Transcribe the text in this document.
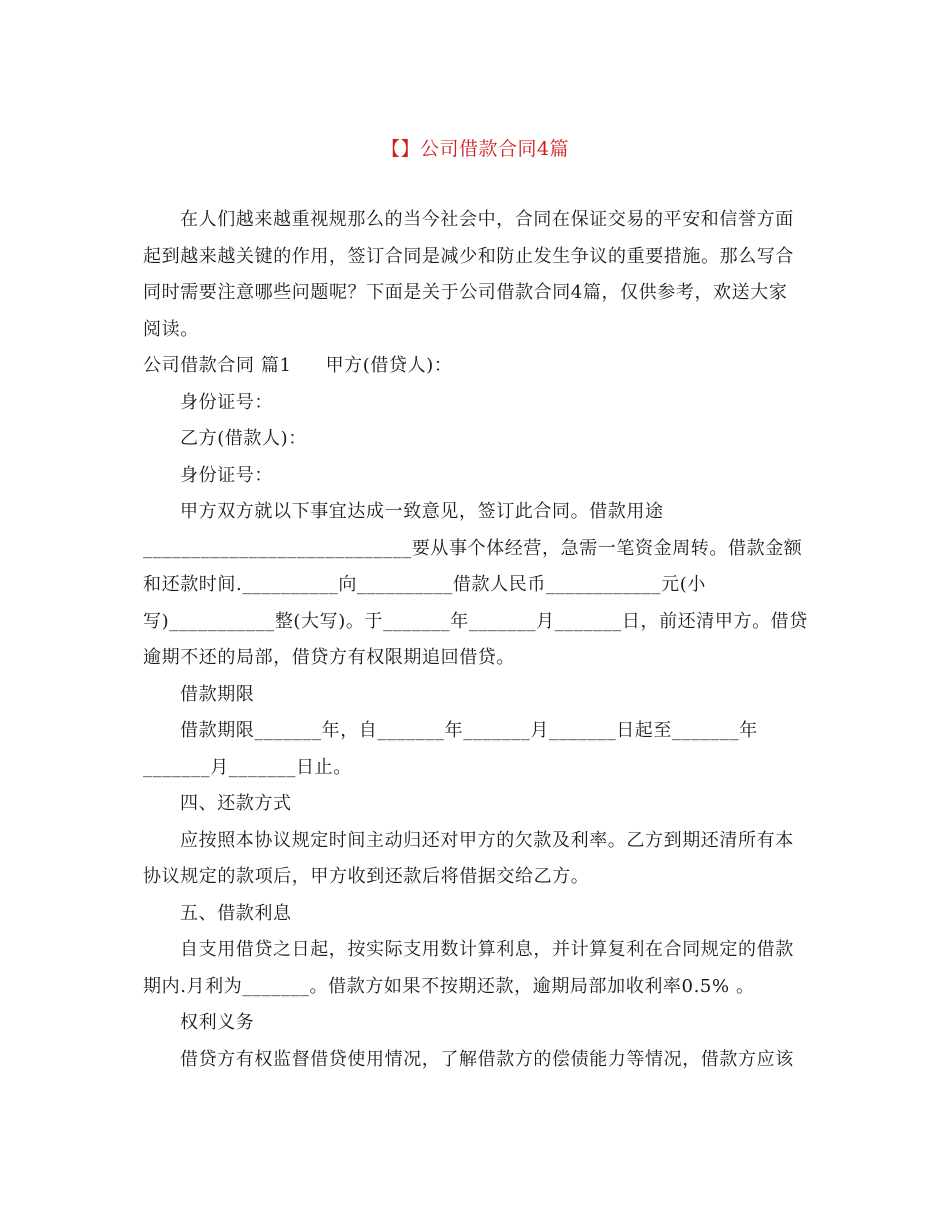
【】公司借款合同4篇
在人们越来越重视规那么的当今社会中，合同在保证交易的平安和信誉方面
起到越来越关键的作用，签订合同是减少和防止发生争议的重要措施。那么写合
同时需要注意哪些问题呢？下面是关于公司借款合同4篇，仅供参考，欢送大家
阅读。
公司借款合同 篇1 甲方(借贷人)：
身份证号：
乙方(借款人)：
身份证号：
甲方双方就以下事宜达成一致意见，签订此合同。借款用途
____________________________要从事个体经营，急需一笔资金周转。借款金额
和还款时间.__________向__________借款人民币____________元(小
写)___________整(大写)。于_______年_______月_______日，前还清甲方。借贷
逾期不还的局部，借贷方有权限期追回借贷。
借款期限
借款期限_______年，自_______年_______月_______日起至_______年
_______月_______日止。
四、还款方式
应按照本协议规定时间主动归还对甲方的欠款及利率。乙方到期还清所有本
协议规定的款项后，甲方收到还款后将借据交给乙方。
五、借款利息
自支用借贷之日起，按实际支用数计算利息，并计算复利在合同规定的借款
期内.月利为_______。借款方如果不按期还款，逾期局部加收利率0.5% 。
权利义务
借贷方有权监督借贷使用情况，了解借款方的偿债能力等情况，借款方应该
